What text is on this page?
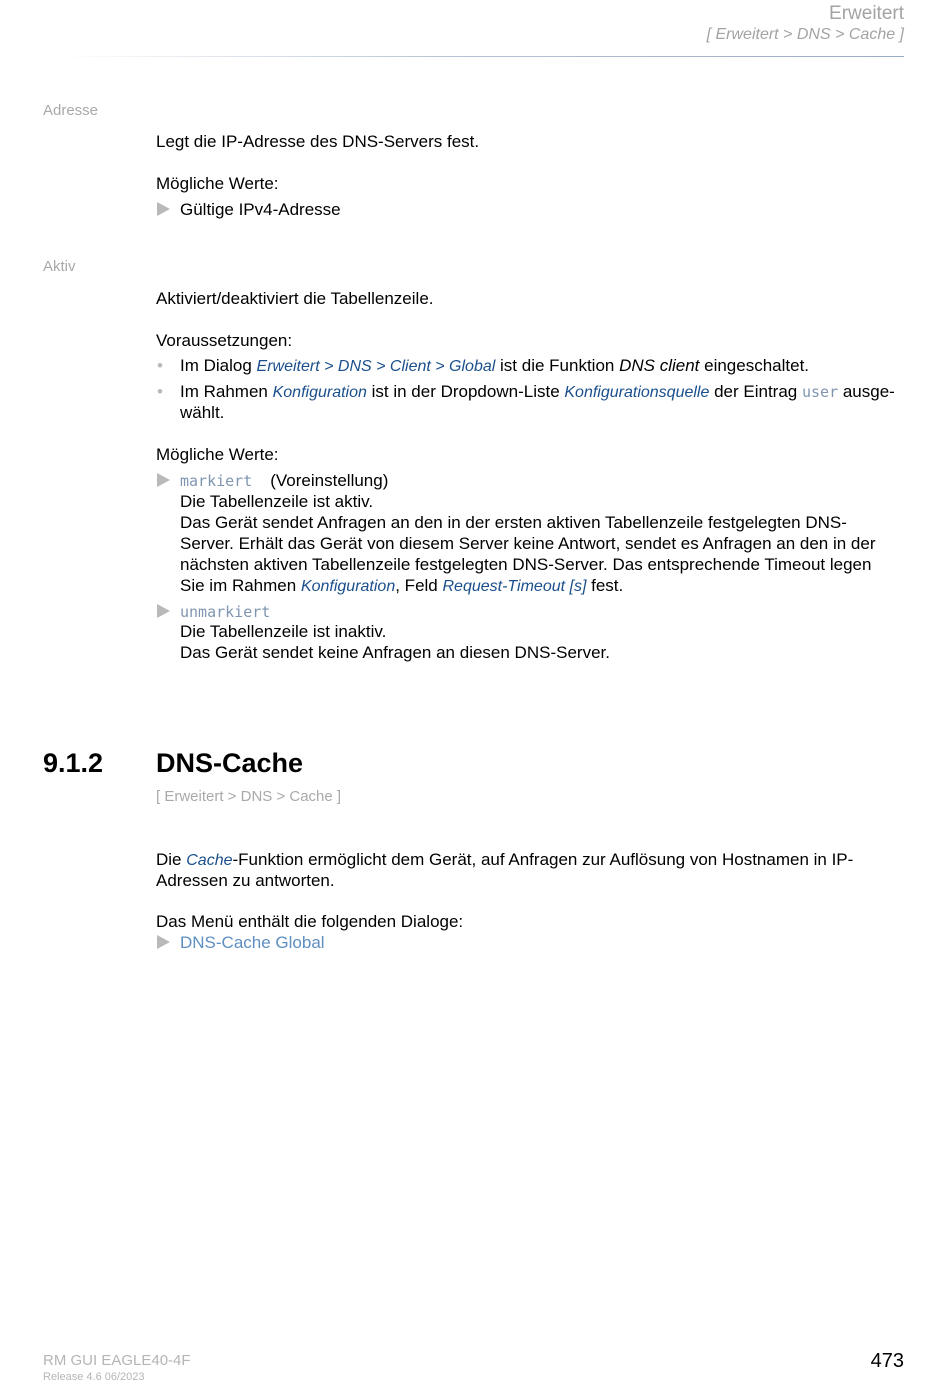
Erweitert
[ Erweitert > DNS > Cache ]
Adresse
Legt die IP-Adresse des DNS-Servers fest.
Mögliche Werte:
Gültige IPv4-Adresse
Aktiv
Aktiviert/deaktiviert die Tabellenzeile.
Voraussetzungen:
• Im Dialog Erweitert > DNS > Client > Global ist die Funktion DNS client eingeschaltet.
• Im Rahmen Konfiguration ist in der Dropdown-Liste Konfigurationsquelle der Eintrag user ausge-
wählt.
Mögliche Werte:
markiert (Voreinstellung)
Die Tabellenzeile ist aktiv.
Das Gerät sendet Anfragen an den in der ersten aktiven Tabellenzeile festgelegten DNS-
Server. Erhält das Gerät von diesem Server keine Antwort, sendet es Anfragen an den in der
nächsten aktiven Tabellenzeile festgelegten DNS-Server. Das entsprechende Timeout legen
Sie im Rahmen Konfiguration, Feld Request-Timeout [s] fest.
unmarkiert
Die Tabellenzeile ist inaktiv.
Das Gerät sendet keine Anfragen an diesen DNS-Server.
9.1.2 DNS-Cache
[ Erweitert > DNS > Cache ]
Die Cache-Funktion ermöglicht dem Gerät, auf Anfragen zur Auflösung von Hostnamen in IP-
Adressen zu antworten.
Das Menü enthält die folgenden Dialoge:
DNS-Cache Global
RM GUI EAGLE40-4F
Release 4.6 06/2023
473
